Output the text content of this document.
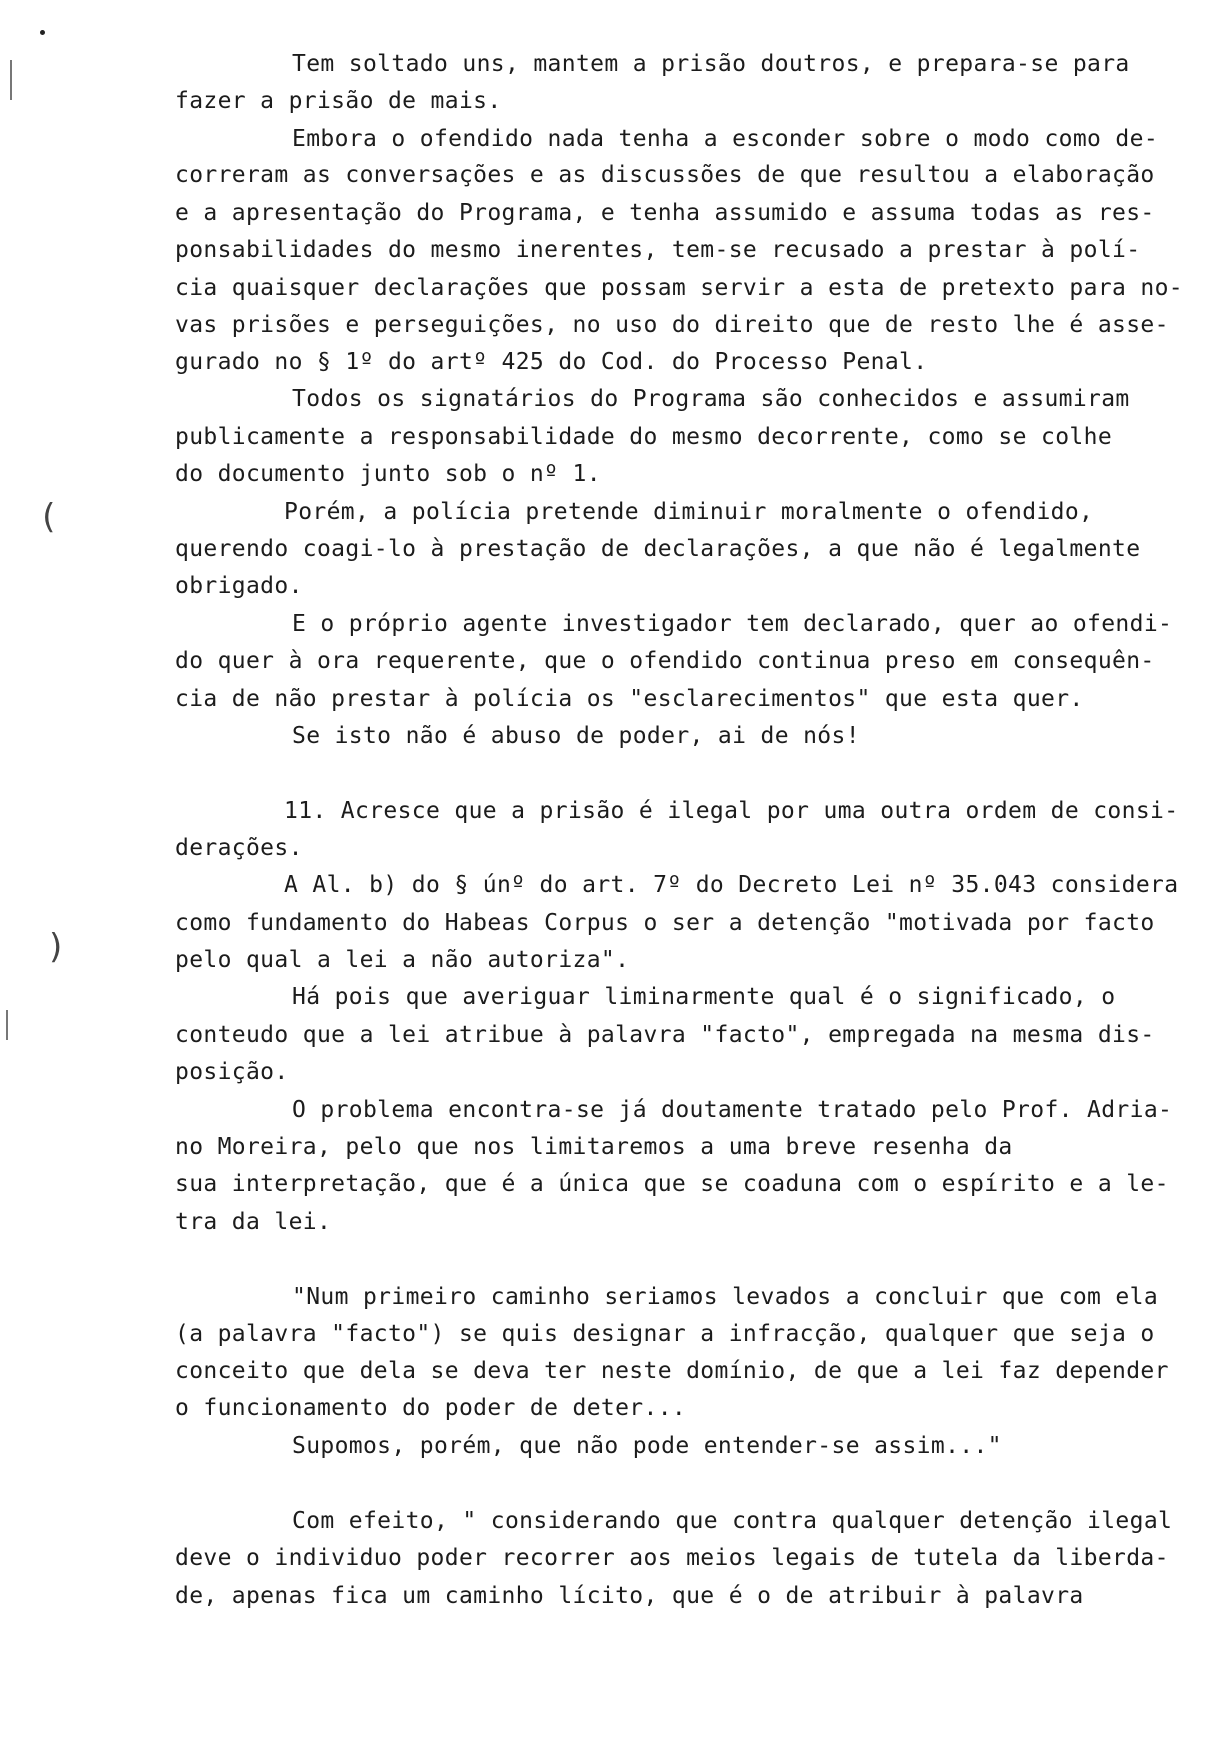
(
)
Tem soltado uns, mantem a prisão doutros, e prepara-se para
fazer a prisão de mais.
Embora o ofendido nada tenha a esconder sobre o modo como de-
correram as conversações e as discussões de que resultou a elaboração
e a apresentação do Programa, e tenha assumido e assuma todas as res-
ponsabilidades do mesmo inerentes, tem-se recusado a prestar à polí-
cia quaisquer declarações que possam servir a esta de pretexto para no-
vas prisões e perseguições, no uso do direito que de resto lhe é asse-
gurado no § 1º do artº 425 do Cod. do Processo Penal.
Todos os signatários do Programa são conhecidos e assumiram
publicamente a responsabilidade do mesmo decorrente, como se colhe
do documento junto sob o nº 1.
Porém, a polícia pretende diminuir moralmente o ofendido,
querendo coagi-lo à prestação de declarações, a que não é legalmente
obrigado.
E o próprio agente investigador tem declarado, quer ao ofendi-
do quer à ora requerente, que o ofendido continua preso em consequên-
cia de não prestar à polícia os "esclarecimentos" que esta quer.
Se isto não é abuso de poder, ai de nós!
11. Acresce que a prisão é ilegal por uma outra ordem de consi-
derações.
A Al. b) do § únº do art. 7º do Decreto Lei nº 35.043 considera
como fundamento do Habeas Corpus o ser a detenção "motivada por facto
pelo qual a lei a não autoriza".
Há pois que averiguar liminarmente qual é o significado, o
conteudo que a lei atribue à palavra "facto", empregada na mesma dis-
posição.
O problema encontra-se já doutamente tratado pelo Prof. Adria-
no Moreira, pelo que nos limitaremos a uma breve resenha da
sua interpretação, que é a única que se coaduna com o espírito e a le-
tra da lei.
"Num primeiro caminho seriamos levados a concluir que com ela
(a palavra "facto") se quis designar a infracção, qualquer que seja o
conceito que dela se deva ter neste domínio, de que a lei faz depender
o funcionamento do poder de deter...
Supomos, porém, que não pode entender-se assim..."
Com efeito, " considerando que contra qualquer detenção ilegal
deve o individuo poder recorrer aos meios legais de tutela da liberda-
de, apenas fica um caminho lícito, que é o de atribuir à palavra
